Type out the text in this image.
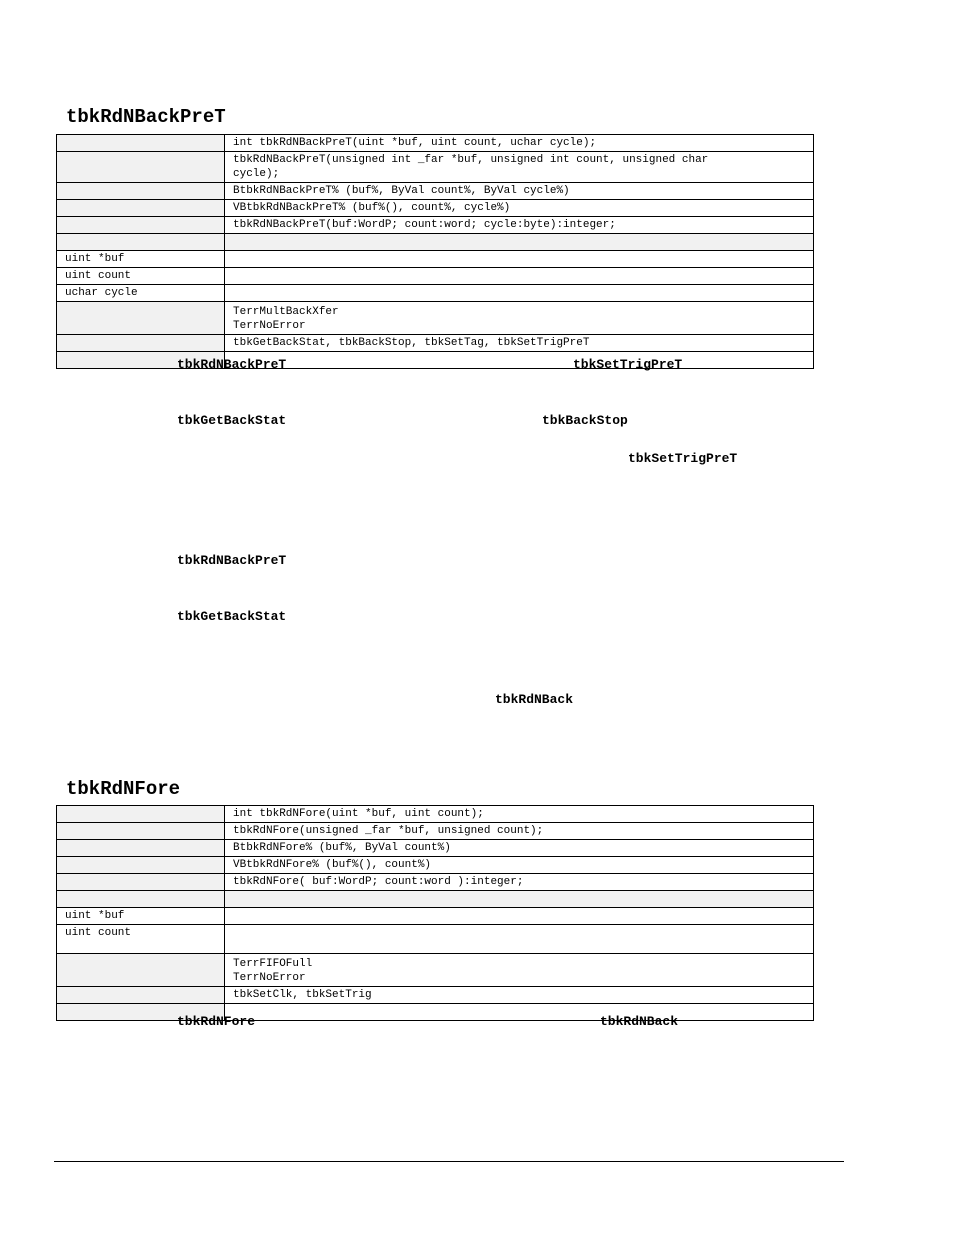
tbkRdNBackPreT
	int tbkRdNBackPreT(uint *buf, uint count, uchar cycle);
	tbkRdNBackPreT(unsigned int _far *buf, unsigned int count, unsigned char
cycle);
	BtbkRdNBackPreT% (buf%, ByVal count%, ByVal cycle%)
	VBtbkRdNBackPreT% (buf%(), count%, cycle%)
	tbkRdNBackPreT(buf:WordP; count:word; cycle:byte):integer;

uint *buf	
uint count	
uchar cycle	
	TerrMultBackXfer
TerrNoError
	tbkGetBackStat, tbkBackStop, tbkSetTag, tbkSetTrigPreT

tbkRdNBackPreT	tbkSetTrigPreT
tbkGetBackStat	tbkBackStop
tbkSetTrigPreT
tbkRdNBackPreT
tbkGetBackStat
tbkRdNBack
tbkRdNFore
	int tbkRdNFore(uint *buf, uint count);
	tbkRdNFore(unsigned _far *buf, unsigned count);
	BtbkRdNFore% (buf%, ByVal count%)
	VBtbkRdNFore% (buf%(), count%)
	tbkRdNFore( buf:WordP; count:word ):integer;

uint *buf	
uint count	
	TerrFIFOFull
TerrNoError
	tbkSetClk, tbkSetTrig

tbkRdNFore	tbkRdNBack
